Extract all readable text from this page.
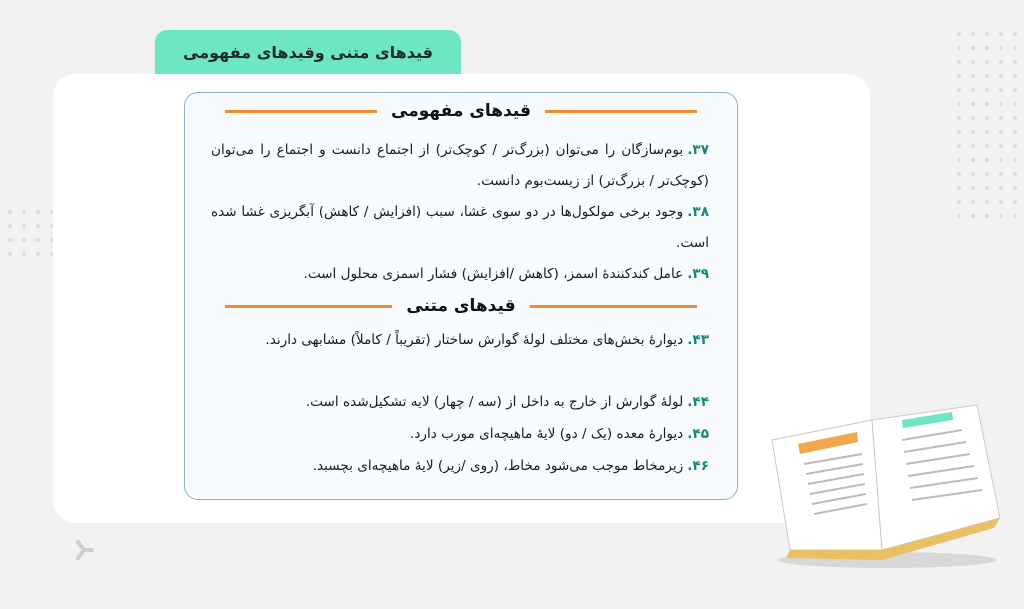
قیدهای متنی وقیدهای مفهومی
قیدهای مفهومی
۳۷.بوم‌سازگان را می‌توان (بزرگ‌تر / کوچک‌تر) از اجتماع دانست و اجتماع را می‌توان (کوچک‌تر / بزرگ‌تر) از زیست‌بوم دانست.
۳۸.وجود برخی مولکول‌ها در دو سوی غشا، سبب (افزایش / کاهش) آبگریزی غشا شده است.
۳۹.عامل کندکنندهٔ اسمز، (کاهش /افزایش) فشار اسمزی محلول است.
قیدهای متنی
۴۳.دیوارهٔ بخش‌های مختلف لولهٔ گوارش ساختار (تقریباً / کاملاً) مشابهی دارند.
۴۴.لولهٔ گوارش از خارج به داخل از (سه / چهار) لایه تشکیل‌شده است.
۴۵.دیوارهٔ معده (یک / دو) لایهٔ ماهیچه‌ای مورب دارد.
۴۶.زیرمخاط موجب می‌شود مخاط، (روی /زیر) لایهٔ ماهیچه‌ای بچسبد.
